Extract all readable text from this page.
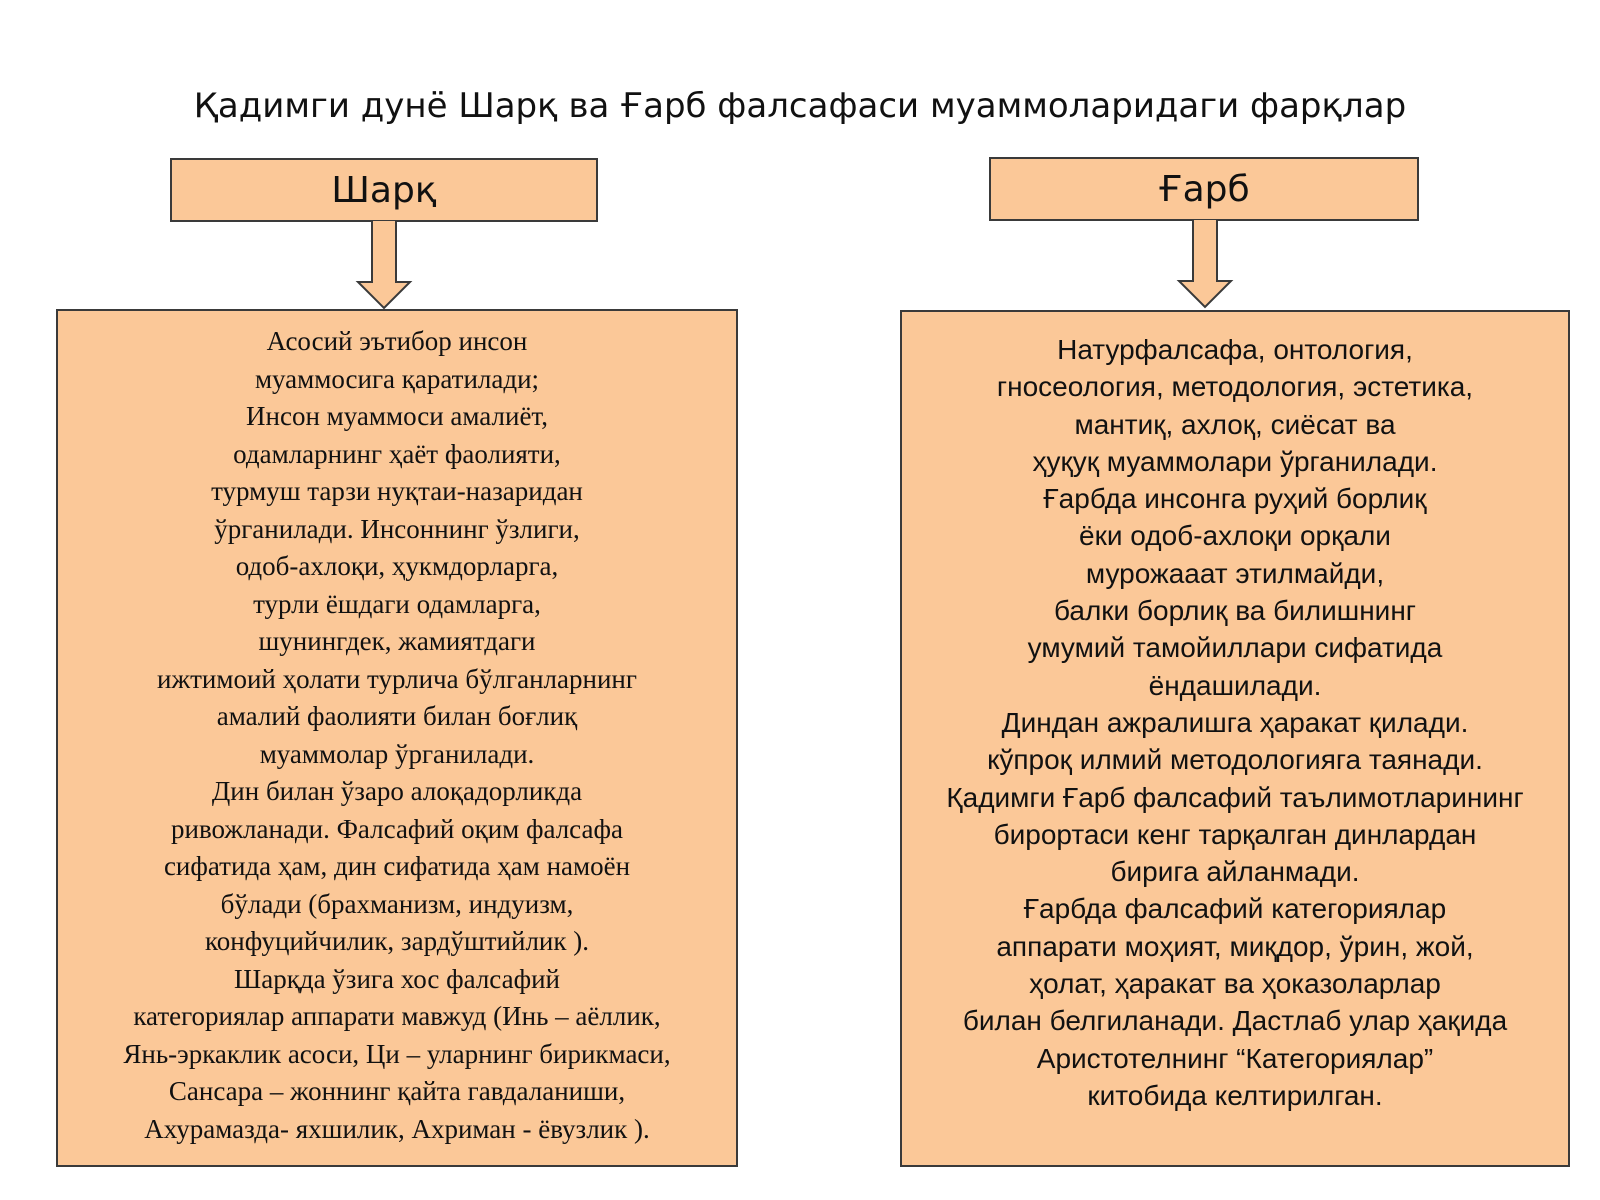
Қадимги дунё Шарқ ва Ғарб фалсафаси муаммоларидаги фарқлар
Шарқ	Ғарб
Асосий эътибор инсон
муаммосига қаратилади;
Инсон муаммоси амалиёт,
одамларнинг ҳаёт фаолияти,
турмуш тарзи нуқтаи-назаридан
ўрганилади. Инсоннинг ўзлиги,
одоб-ахлоқи, ҳукмдорларга,
турли ёшдаги одамларга,
шунингдек, жамиятдаги
ижтимоий ҳолати турлича бўлганларнинг
амалий фаолияти билан боғлиқ
муаммолар ўрганилади.
Дин билан ўзаро алоқадорликда
ривожланади. Фалсафий оқим фалсафа
сифатида ҳам, дин сифатида ҳам намоён
бўлади (брахманизм, индуизм,
конфуцийчилик, зардўштийлик ).
Шарқда ўзига хос фалсафий
категориялар аппарати мавжуд (Инь – аёллик,
Янь-эркаклик асоси, Ци – уларнинг бирикмаси,
Сансара – жоннинг қайта гавдаланиши,
Ахурамазда- яхшилик, Ахриман - ёвузлик ).
Натурфалсафа, онтология,
гносеология, методология, эстетика,
мантиқ, ахлоқ, сиёсат ва
ҳуқуқ муаммолари ўрганилади.
Ғарбда инсонга руҳий борлиқ
ёки одоб-ахлоқи орқали
мурожааат этилмайди,
балки борлиқ ва билишнинг
умумий тамойиллари сифатида
ёндашилади.
Диндан ажралишга ҳаракат қилади.
кўпроқ илмий методологияга таянади.
Қадимги Ғарб фалсафий таълимотларининг
бирортаси кенг тарқалган динлардан
бирига айланмади.
Ғарбда фалсафий категориялар
аппарати моҳият, миқдор, ўрин, жой,
ҳолат, ҳаракат ва ҳоказоларлар
билан белгиланади. Дастлаб улар ҳақида
Аристотелнинг “Категориялар”
китобида келтирилган.
